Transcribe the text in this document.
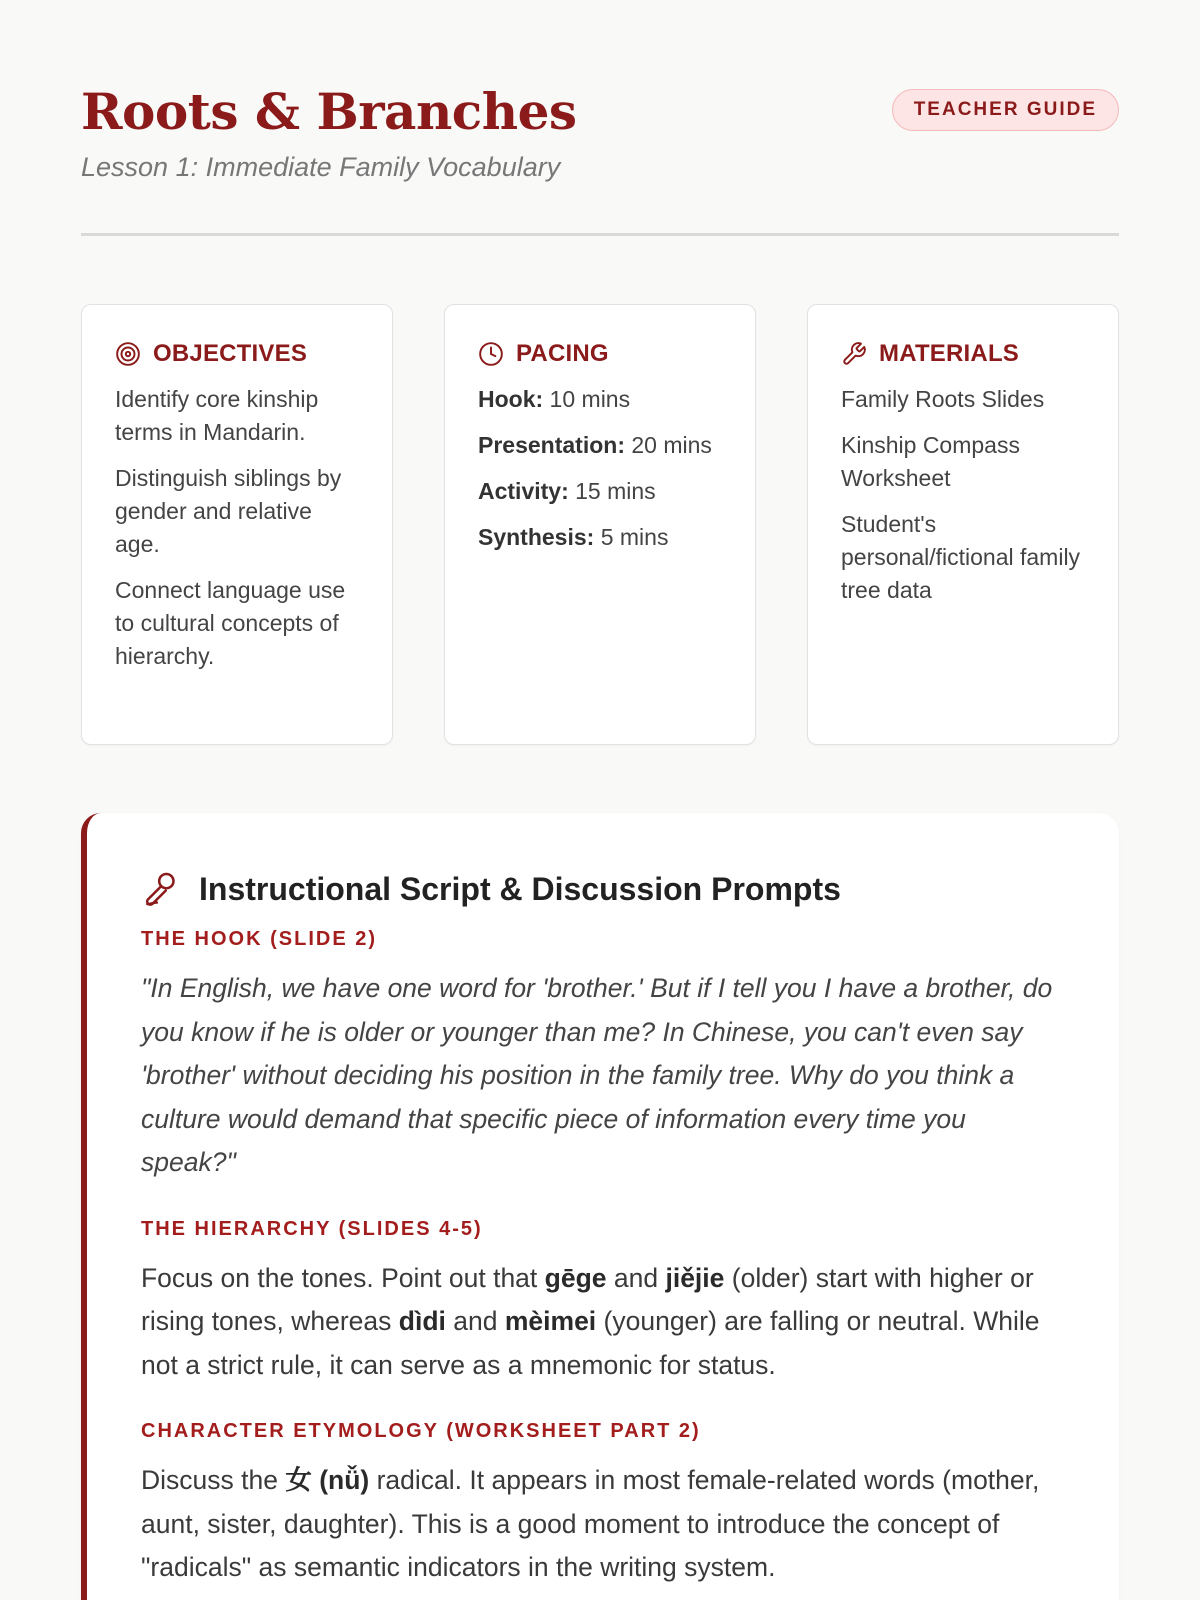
Roots & Branches
Lesson 1: Immediate Family Vocabulary
TEACHER GUIDE
OBJECTIVES
Identify core kinship terms in Mandarin.
Distinguish siblings by gender and relative age.
Connect language use to cultural concepts of hierarchy.
PACING
Hook: 10 mins
Presentation: 20 mins
Activity: 15 mins
Synthesis: 5 mins
MATERIALS
Family Roots Slides
Kinship Compass Worksheet
Student's personal/fictional family tree data
Instructional Script & Discussion Prompts
THE HOOK (SLIDE 2)
"In English, we have one word for 'brother.' But if I tell you I have a brother, do you know if he is older or younger than me? In Chinese, you can't even say 'brother' without deciding his position in the family tree. Why do you think a culture would demand that specific piece of information every time you speak?"
THE HIERARCHY (SLIDES 4-5)
Focus on the tones. Point out that gēge and jiějie (older) start with higher or rising tones, whereas dìdi and mèimei (younger) are falling or neutral. While not a strict rule, it can serve as a mnemonic for status.
CHARACTER ETYMOLOGY (WORKSHEET PART 2)
Discuss the 女 (nǚ) radical. It appears in most female-related words (mother, aunt, sister, daughter). This is a good moment to introduce the concept of "radicals" as semantic indicators in the writing system.
